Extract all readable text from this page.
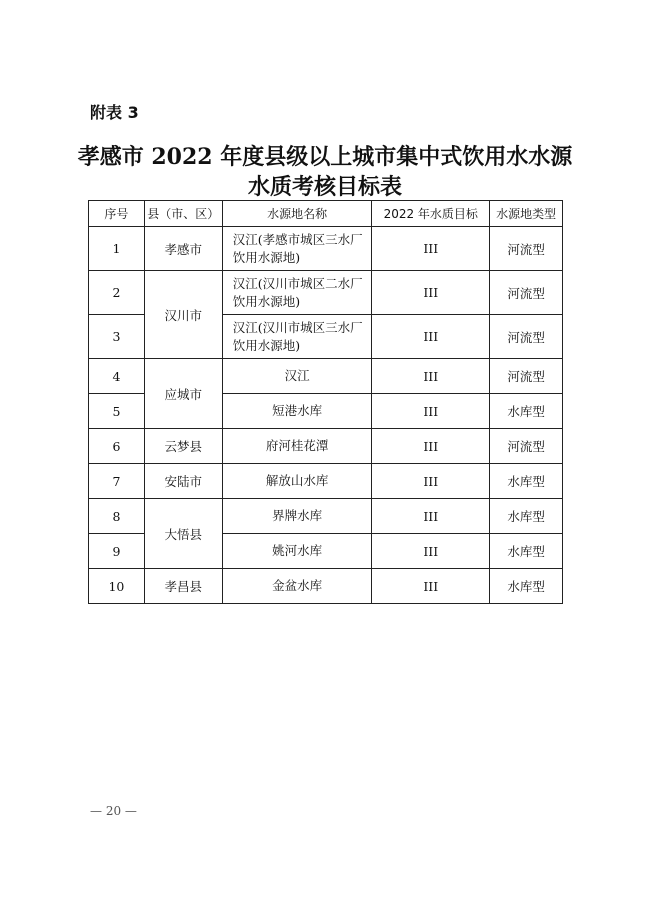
附表 3
孝感市 2022 年度县级以上城市集中式饮用水水源
水质考核目标表
序号	县（市、区）	水源地名称	2022 年水质目标	水源地类型
1	孝感市	汉江(孝感市城区三水厂饮用水源地)	III	河流型
2	汉川市	汉江(汉川市城区二水厂饮用水源地)	III	河流型
3		汉江(汉川市城区三水厂饮用水源地)	III	河流型
4	应城市	汉江	III	河流型
5		短港水库	III	水库型
6	云梦县	府河桂花潭	III	河流型
7	安陆市	解放山水库	III	水库型
8	大悟县	界牌水库	III	水库型
9		姚河水库	III	水库型
10	孝昌县	金盆水库	III	水库型
— 20 —
